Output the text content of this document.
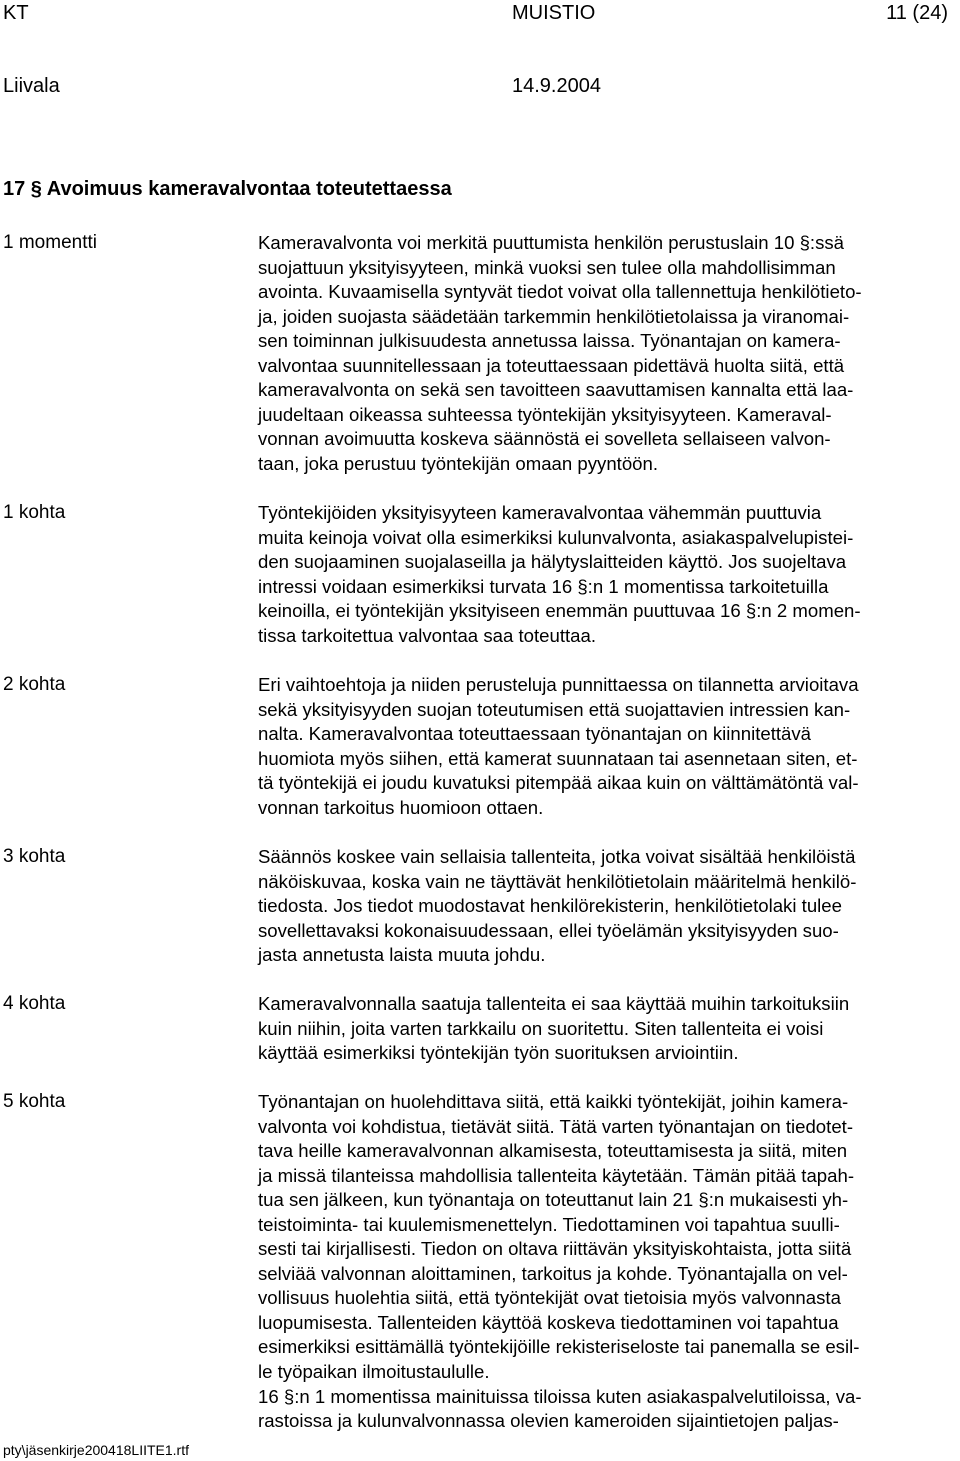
KT	MUISTIO	11 (24)
Liivala	14.9.2004
17 § Avoimuus kameravalvontaa toteutettaessa
1 momentti	Kameravalvonta voi merkitä puuttumista henkilön perustuslain 10 §:ssä
suojattuun yksityisyyteen, minkä vuoksi sen tulee olla mahdollisimman
avointa. Kuvaamisella syntyvät tiedot voivat olla tallennettuja henkilötieto-
ja, joiden suojasta säädetään tarkemmin henkilötietolaissa ja viranomai-
sen toiminnan julkisuudesta annetussa laissa. Työnantajan on kamera-
valvontaa suunnitellessaan ja toteuttaessaan pidettävä huolta siitä, että
kameravalvonta on sekä sen tavoitteen saavuttamisen kannalta että laa-
juudeltaan oikeassa suhteessa työntekijän yksityisyyteen. Kameraval-
vonnan avoimuutta koskeva säännöstä ei sovelleta sellaiseen valvon-
taan, joka perustuu työntekijän omaan pyyntöön.
1 kohta	Työntekijöiden yksityisyyteen kameravalvontaa vähemmän puuttuvia
muita keinoja voivat olla esimerkiksi kulunvalvonta, asiakaspalvelupistei-
den suojaaminen suojalaseilla ja hälytyslaitteiden käyttö. Jos suojeltava
intressi voidaan esimerkiksi turvata 16 §:n 1 momentissa tarkoitetuilla
keinoilla, ei työntekijän yksityiseen enemmän puuttuvaa 16 §:n 2 momen-
tissa tarkoitettua valvontaa saa toteuttaa.
2 kohta	Eri vaihtoehtoja ja niiden perusteluja punnittaessa on tilannetta arvioitava
sekä yksityisyyden suojan toteutumisen että suojattavien intressien kan-
nalta. Kameravalvontaa toteuttaessaan työnantajan on kiinnitettävä
huomiota myös siihen, että kamerat suunnataan tai asennetaan siten, et-
tä työntekijä ei joudu kuvatuksi pitempää aikaa kuin on välttämätöntä val-
vonnan tarkoitus huomioon ottaen.
3 kohta	Säännös koskee vain sellaisia tallenteita, jotka voivat sisältää henkilöistä
näköiskuvaa, koska vain ne täyttävät henkilötietolain määritelmä henkilö-
tiedosta. Jos tiedot muodostavat henkilörekisterin, henkilötietolaki tulee
sovellettavaksi kokonaisuudessaan, ellei työelämän yksityisyyden suo-
jasta annetusta laista muuta johdu.
4 kohta	Kameravalvonnalla saatuja tallenteita ei saa käyttää muihin tarkoituksiin
kuin niihin, joita varten tarkkailu on suoritettu. Siten tallenteita ei voisi
käyttää esimerkiksi työntekijän työn suorituksen arviointiin.
5 kohta	Työnantajan on huolehdittava siitä, että kaikki työntekijät, joihin kamera-
valvonta voi kohdistua, tietävät siitä. Tätä varten työnantajan on tiedotet-
tava heille kameravalvonnan alkamisesta, toteuttamisesta ja siitä, miten
ja missä tilanteissa mahdollisia tallenteita käytetään. Tämän pitää tapah-
tua sen jälkeen, kun työnantaja on toteuttanut lain 21 §:n mukaisesti yh-
teistoiminta- tai kuulemismenettelyn. Tiedottaminen voi tapahtua suulli-
sesti tai kirjallisesti. Tiedon on oltava riittävän yksityiskohtaista, jotta siitä
selviää valvonnan aloittaminen, tarkoitus ja kohde. Työnantajalla on vel-
vollisuus huolehtia siitä, että työntekijät ovat tietoisia myös valvonnasta
luopumisesta. Tallenteiden käyttöä koskeva tiedottaminen voi tapahtua
esimerkiksi esittämällä työntekijöille rekisteriseloste tai panemalla se esil-
le työpaikan ilmoitustaululle.
16 §:n 1 momentissa mainituissa tiloissa kuten asiakaspalvelutiloissa, va-
rastoissa ja kulunvalvonnassa olevien kameroiden sijaintietojen paljas-
pty\jäsenkirje200418LIITE1.rtf
